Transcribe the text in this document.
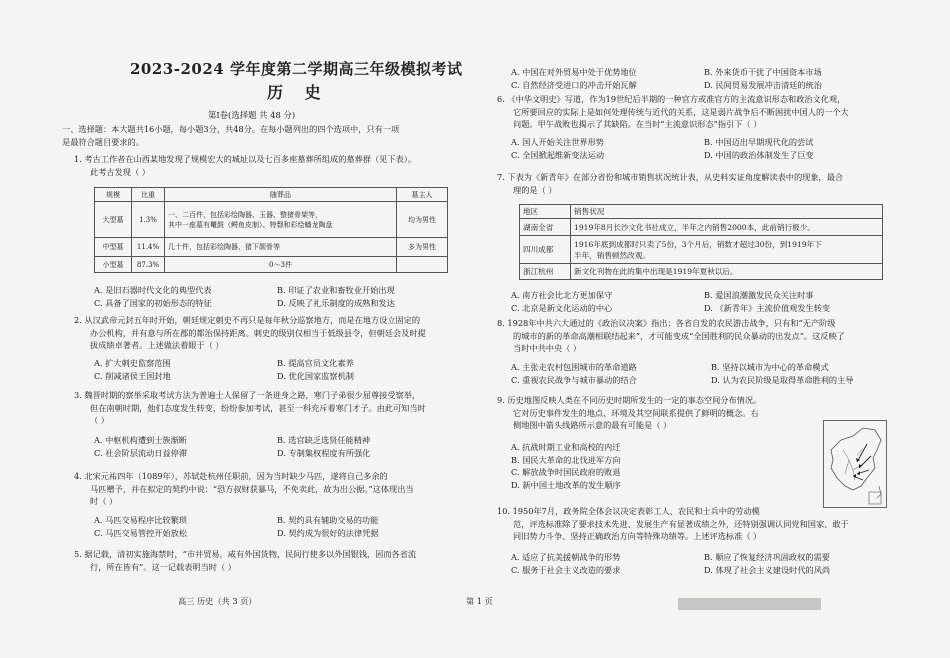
2023-2024 学年度第二学期高三年级模拟考试
历 史
第Ⅰ卷(选择题 共 48 分)
一、选择题：本大题共16小题，每小题3分，共48分。在每小题列出的四个选项中，只有一项
是最符合题目要求的。
1. 考古工作者在山西某地发现了规模宏大的城址以及七百多座墓葬所组成的墓葬群（见下表）。
此考古发现（ ）
规模	比重	随葬品	墓主人
大型墓	1.3%	一、二百件，包括彩绘陶器、玉器、整猪骨架等，
其中一座墓有鼍鼓（鳄鱼皮制）、特磬和彩绘蟠龙陶盘	均为男性
中型墓	11.4%	几十件，包括彩绘陶器、猪下颌骨等	多为男性
小型墓	87.3%	0～3件	
A. 是旧石器时代文化的典型代表	B. 印证了农业和畜牧业开始出现
C. 具备了国家的初始形态的特征	D. 反映了礼乐制度的成熟和发达
2. 从汉武帝元封五年时开始，朝廷规定刺史不再只是每年秋分巡察地方，而是在地方设立固定的
办公机构，并有意与所在郡的都治保持距离。刺史的级别仅相当于低级县令，但朝廷会及时提
拔成绩卓著者。上述做法着眼于（ ）
A. 扩大刺史监察范围	B. 提高官员文化素养
C. 削减诸侯王国封地	D. 优化国家监察机制
3. 魏晋时期的察举采取考试方法为普遍士人保留了一条进身之路，寒门子弟很少屈尊接受察举，
但在南朝时期，他们态度发生转变，纷纷参加考试，甚至一科充斥着寒门才子。由此可知当时
（ ）
A. 中枢机构遭到士族渐断	B. 选官缺乏选贤任能精神
C. 社会阶层流动日益停滞	D. 专制集权程度有所强化
4. 北宋元祐四年（1089年），苏轼赴杭州任职前，因为当时缺少马匹，遂将自己多余的
马匹赠予，并在拟定的契约中说：“恐方叔财获暴马，不免卖此，故为出公据。”这体现出当
时（ ）
A. 马匹交易程序比较繁琐	B. 契约具有辅助交易的功能
C. 马匹交易管控开始放松	D. 契约成为很好的法律凭据
5. 据记载，清初实施海禁时，“市井贸易，咸有外国货物，民间行使多以外国银钱，因而各省流
行，所在皆有”。这一记载表明当时（ ）
A. 中国在对外贸易中处于优势地位	B. 外来货币干扰了中国资本市场
C. 自然经济受进口的冲击开始瓦解	D. 民间贸易发展冲击清廷的统治
6. 《中华文明史》写道，作为19世纪后半期的一种官方或准官方的主流意识形态和政治文化观，
它所要回应的实际上是如何处理传统与近代的关系，这是弱片战争后不断困扰中国人的一个大
问题。甲午战败也揭示了其缺陷。在当时“主流意识形态”指引下（ ）
A. 国人开始关注世界形势	B. 中国迈出早期现代化的尝试
C. 全国掀起维新变法运动	D. 中国的政治体制发生了巨变
7. 下表为《新青年》在部分省份和城市销售状况统计表，从史料实证角度解读表中的现象，最合
理的是（ ）
地区	销售状况
湖南全省	1919年8月长沙文化书社成立，半年之内销售2000本，此前销行极少。
四川成都	1916年底到成都时只卖了5份，3个月后，销数才超过30份，到1919年下
半年，销售顿然改观。

浙江杭州	新文化刊物在此的集中出现是1919年夏秋以后。
A. 南方社会比北方更加保守	B. 爱国浪潮激发民众关注时事
C. 北京是新文化运动的中心	D. 《新青年》主流价值观发生转变
8. 1928年中共六大通过的《政治议决案》指出：各省自发的农民游击战争，只有和“无产阶级
的城市的新的革命高潮相联结起来”，才可能变成“全国胜利的民众暴动的出发点”。这反映了
当时中共中央（ ）
A. 主张走农村包围城市的革命道路	B. 坚持以城市为中心的革命模式
C. 重视农民战争与城市暴动的结合	D. 认为农民阶级是取得革命胜利的主导
9. 历史地图反映人类在不同历史时期所发生的一定的事态空间分布情况。
它对历史事件发生的地点、环境及其空间联系提供了鲜明的概念。右
侧地图中箭头线路所示意的最有可能是（ ）
A. 抗战时期工业和高校的内迁
B. 国民大革命的北伐进军方向
C. 解放战争时国民政府的败退
D. 新中国土地改革的发生顺序
10. 1950年7月，政务院全体会议决定表彰工人、农民和士兵中的劳动模
范，评选标准除了要求技术先进、发展生产有显著成绩之外，还特别强调认同党和国家、敢于
同旧势力斗争、坚持正确政治方向等特殊功绩等。上述评选标准（ ）
A. 适应了抗美援朝战争的形势	B. 顺应了恢复经济巩固政权的需要
C. 服务于社会主义改造的要求	D. 体现了社会主义建设时代的风尚
高三 历史（共 3 页）	第 1 页
